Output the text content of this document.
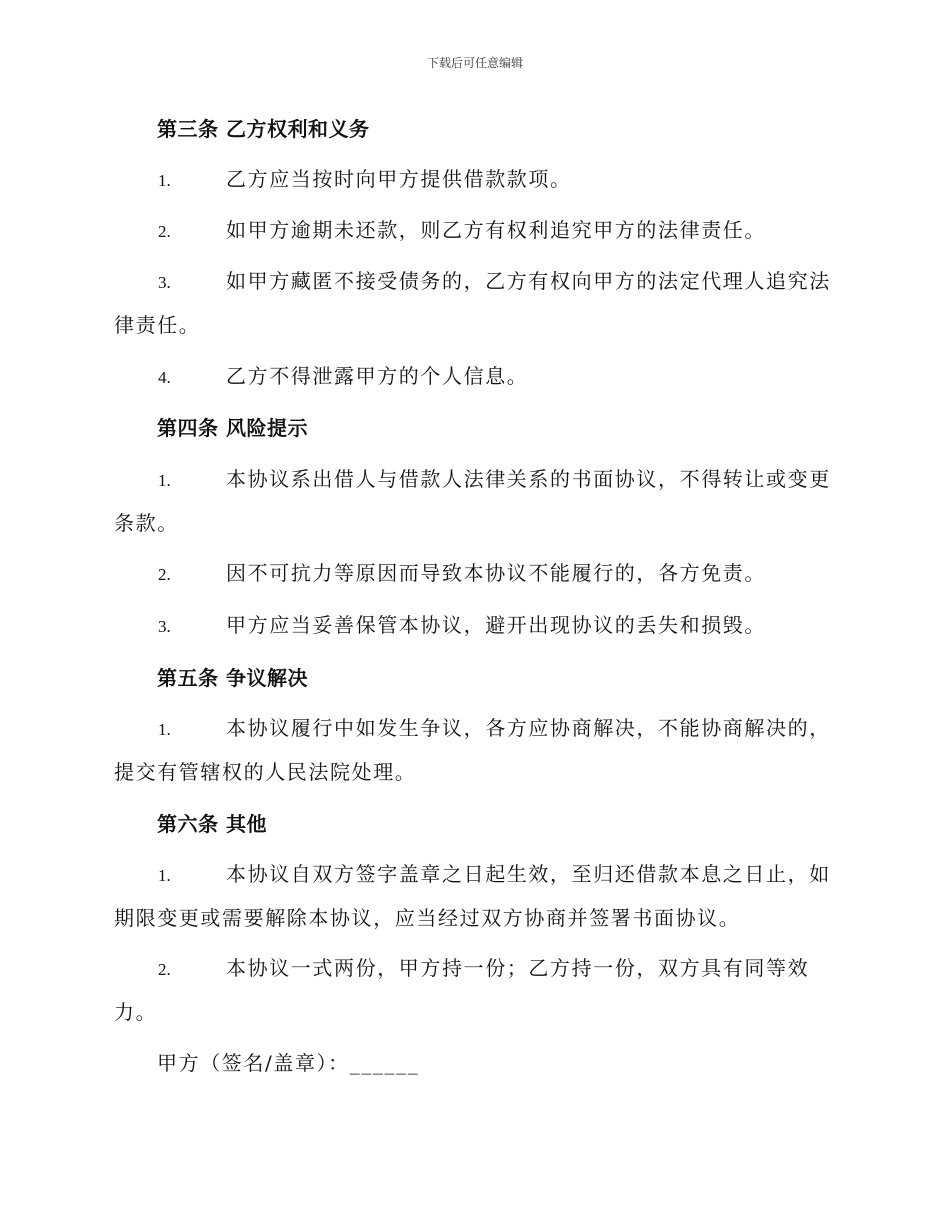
下载后可任意编辑
第三条 乙方权利和义务
1.	乙方应当按时向甲方提供借款款项。
2.	如甲方逾期未还款，则乙方有权利追究甲方的法律责任。
3.	如甲方藏匿不接受债务的，乙方有权向甲方的法定代理人追究法律责任。
4.	乙方不得泄露甲方的个人信息。
第四条 风险提示
1.	本协议系出借人与借款人法律关系的书面协议，不得转让或变更条款。
2.	因不可抗力等原因而导致本协议不能履行的，各方免责。
3.	甲方应当妥善保管本协议，避开出现协议的丢失和损毁。
第五条 争议解决
1.	本协议履行中如发生争议，各方应协商解决，不能协商解决的，提交有管辖权的人民法院处理。
第六条 其他
1.	本协议自双方签字盖章之日起生效，至归还借款本息之日止，如期限变更或需要解除本协议，应当经过双方协商并签署书面协议。
2.	本协议一式两份，甲方持一份；乙方持一份，双方具有同等效力。
甲方（签名/盖章）：______
